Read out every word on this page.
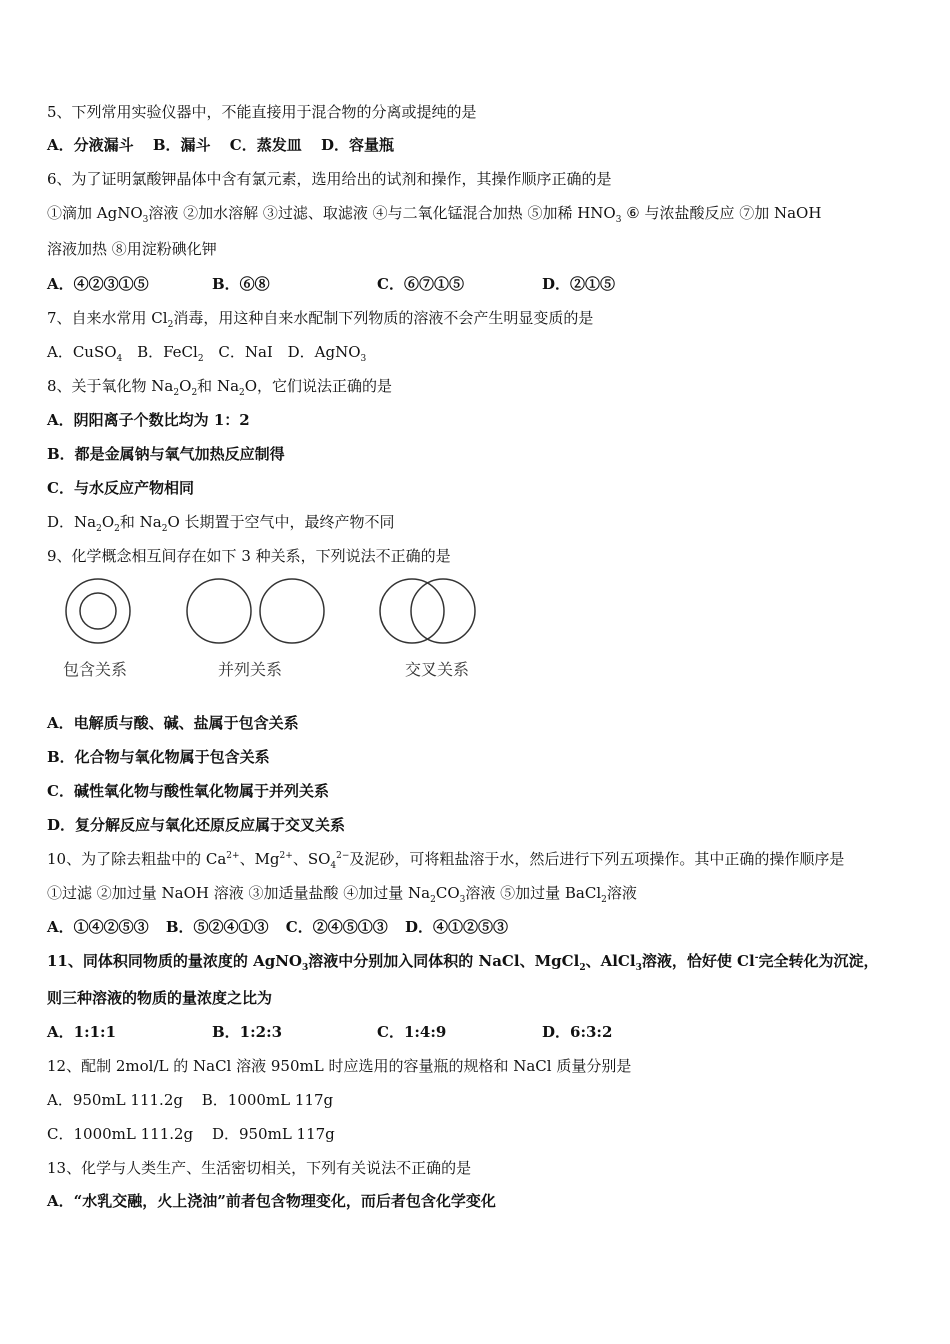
5、下列常用实验仪器中，不能直接用于混合物的分离或提纯的是
A．分液漏斗 B．漏斗 C．蒸发皿 D．容量瓶
6、为了证明氯酸钾晶体中含有氯元素，选用给出的试剂和操作，其操作顺序正确的是
①滴加 AgNO$_3$溶液 ②加水溶解 ③过滤、取滤液 ④与二氧化锰混合加热 ⑤加稀 $HNO_3$ ⑥ 与浓盐酸反应 ⑦加 NaOH
溶液加热 ⑧用淀粉碘化钾
A．④②③①⑤	B．⑥⑧	C．⑥⑦①⑤	D．②①⑤
7、自来水常用 $Cl_2$消毒，用这种自来水配制下列物质的溶液不会产生明显变质的是
A．CuSO$_4$ B．FeCl$_2$ C．NaI D．AgNO$_3$
8、关于氧化物 $Na_2O_2$和 $Na_2O$，它们说法正确的是
A．阴阳离子个数比均为 1：2
B．都是金属钠与氧气加热反应制得
C．与水反应产物相同
D．$Na_2O_2$和 $Na_2O$ 长期置于空气中，最终产物不同
9、化学概念相互间存在如下 3 种关系，下列说法不正确的是
包含关系	并列关系	交叉关系
A．电解质与酸、碱、盐属于包含关系
B．化合物与氧化物属于包含关系
C．碱性氧化物与酸性氧化物属于并列关系
D．复分解反应与氧化还原反应属于交叉关系
10、为了除去粗盐中的 $Ca^{2+}$、$Mg^{2+}$、$SO_4^{2-}$及泥砂，可将粗盐溶于水，然后进行下列五项操作。其中正确的操作顺序是
①过滤 ②加过量 NaOH 溶液 ③加适量盐酸 ④加过量 $Na_2CO_3$溶液 ⑤加过量 BaCl$_2$溶液
A．①④②⑤③ B．⑤②④①③ C．②④⑤①③ D．④①②⑤③
11、同体积同物质的量浓度的 AgNO$_3$溶液中分别加入同体积的 NaCl、MgCl$_2$、AlCl$_3$溶液，恰好使 Cl-完全转化为沉淀，
则三种溶液的物质的量浓度之比为
A．1:1:1	B．1:2:3	C．1:4:9	D．6:3:2
12、配制 2mol/L 的 NaCl 溶液 950mL 时应选用的容量瓶的规格和 NaCl 质量分别是
A．950mL 111.2g B．1000mL 117g
C．1000mL 111.2g D．950mL 117g
13、化学与人类生产、生活密切相关，下列有关说法不正确的是
A．“水乳交融，火上浇油”前者包含物理变化，而后者包含化学变化
